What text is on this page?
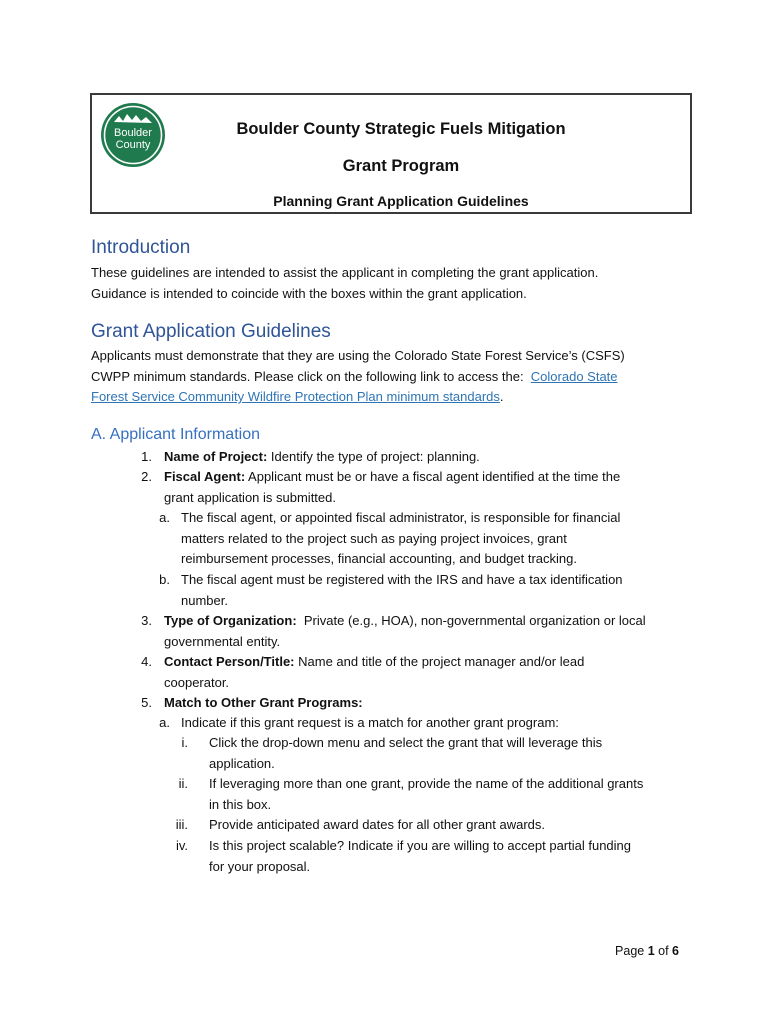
Boulder
County
Boulder County Strategic Fuels Mitigation
Grant Program
Planning Grant Application Guidelines
Introduction
These guidelines are intended to assist the applicant in completing the grant application.
Guidance is intended to coincide with the boxes within the grant application.
Grant Application Guidelines
Applicants must demonstrate that they are using the Colorado State Forest Service’s (CSFS)
CWPP minimum standards. Please click on the following link to access the: Colorado State
Forest Service Community Wildfire Protection Plan minimum standards.
A. Applicant Information
1. Name of Project: Identify the type of project: planning.
2. Fiscal Agent: Applicant must be or have a fiscal agent identified at the time the
grant application is submitted.
a. The fiscal agent, or appointed fiscal administrator, is responsible for financial
matters related to the project such as paying project invoices, grant
reimbursement processes, financial accounting, and budget tracking.
b. The fiscal agent must be registered with the IRS and have a tax identification
number.
3. Type of Organization:  Private (e.g., HOA), non-governmental organization or local
governmental entity.
4. Contact Person/Title: Name and title of the project manager and/or lead
cooperator.
5. Match to Other Grant Programs:
a. Indicate if this grant request is a match for another grant program:
i. Click the drop-down menu and select the grant that will leverage this
application.
ii. If leveraging more than one grant, provide the name of the additional grants
in this box.
iii. Provide anticipated award dates for all other grant awards.
iv. Is this project scalable? Indicate if you are willing to accept partial funding
for your proposal.
Page 1 of 6
